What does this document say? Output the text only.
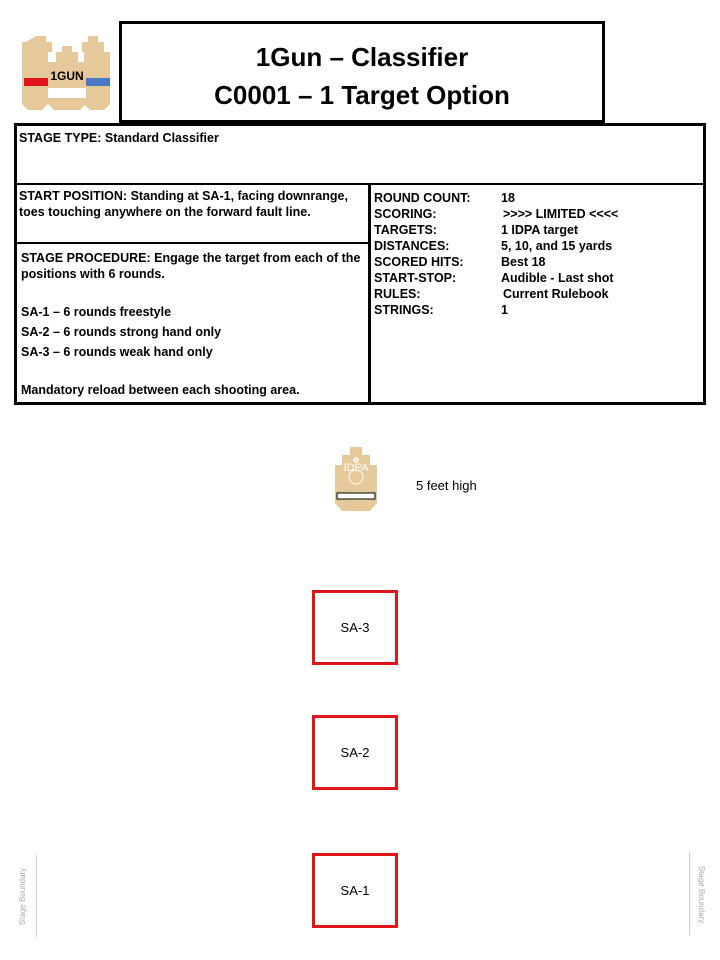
1GUN
1Gun – Classifier
C0001 – 1 Target Option
STAGE TYPE: Standard Classifier
START POSITION: Standing at SA-1, facing downrange, toes touching anywhere on the forward fault line.

STAGE PROCEDURE: Engage the target from each of the positions with 6 rounds.

SA-1 – 6 rounds freestyle

SA-2 – 6 rounds strong hand only

SA-3 – 6 rounds weak hand only

Mandatory reload between each shooting area.

ROUND COUNT:	18
SCORING:	>>>> LIMITED <<<<
TARGETS:	1 IDPA target
DISTANCES:	5, 10, and 15 yards
SCORED HITS:	Best 18
START-STOP:	Audible - Last shot
RULES:	Current Rulebook
STRINGS:	1
IDPA
5 feet high
SA-3
SA-2
SA-1
Stage Boundary	Stage Boundary
